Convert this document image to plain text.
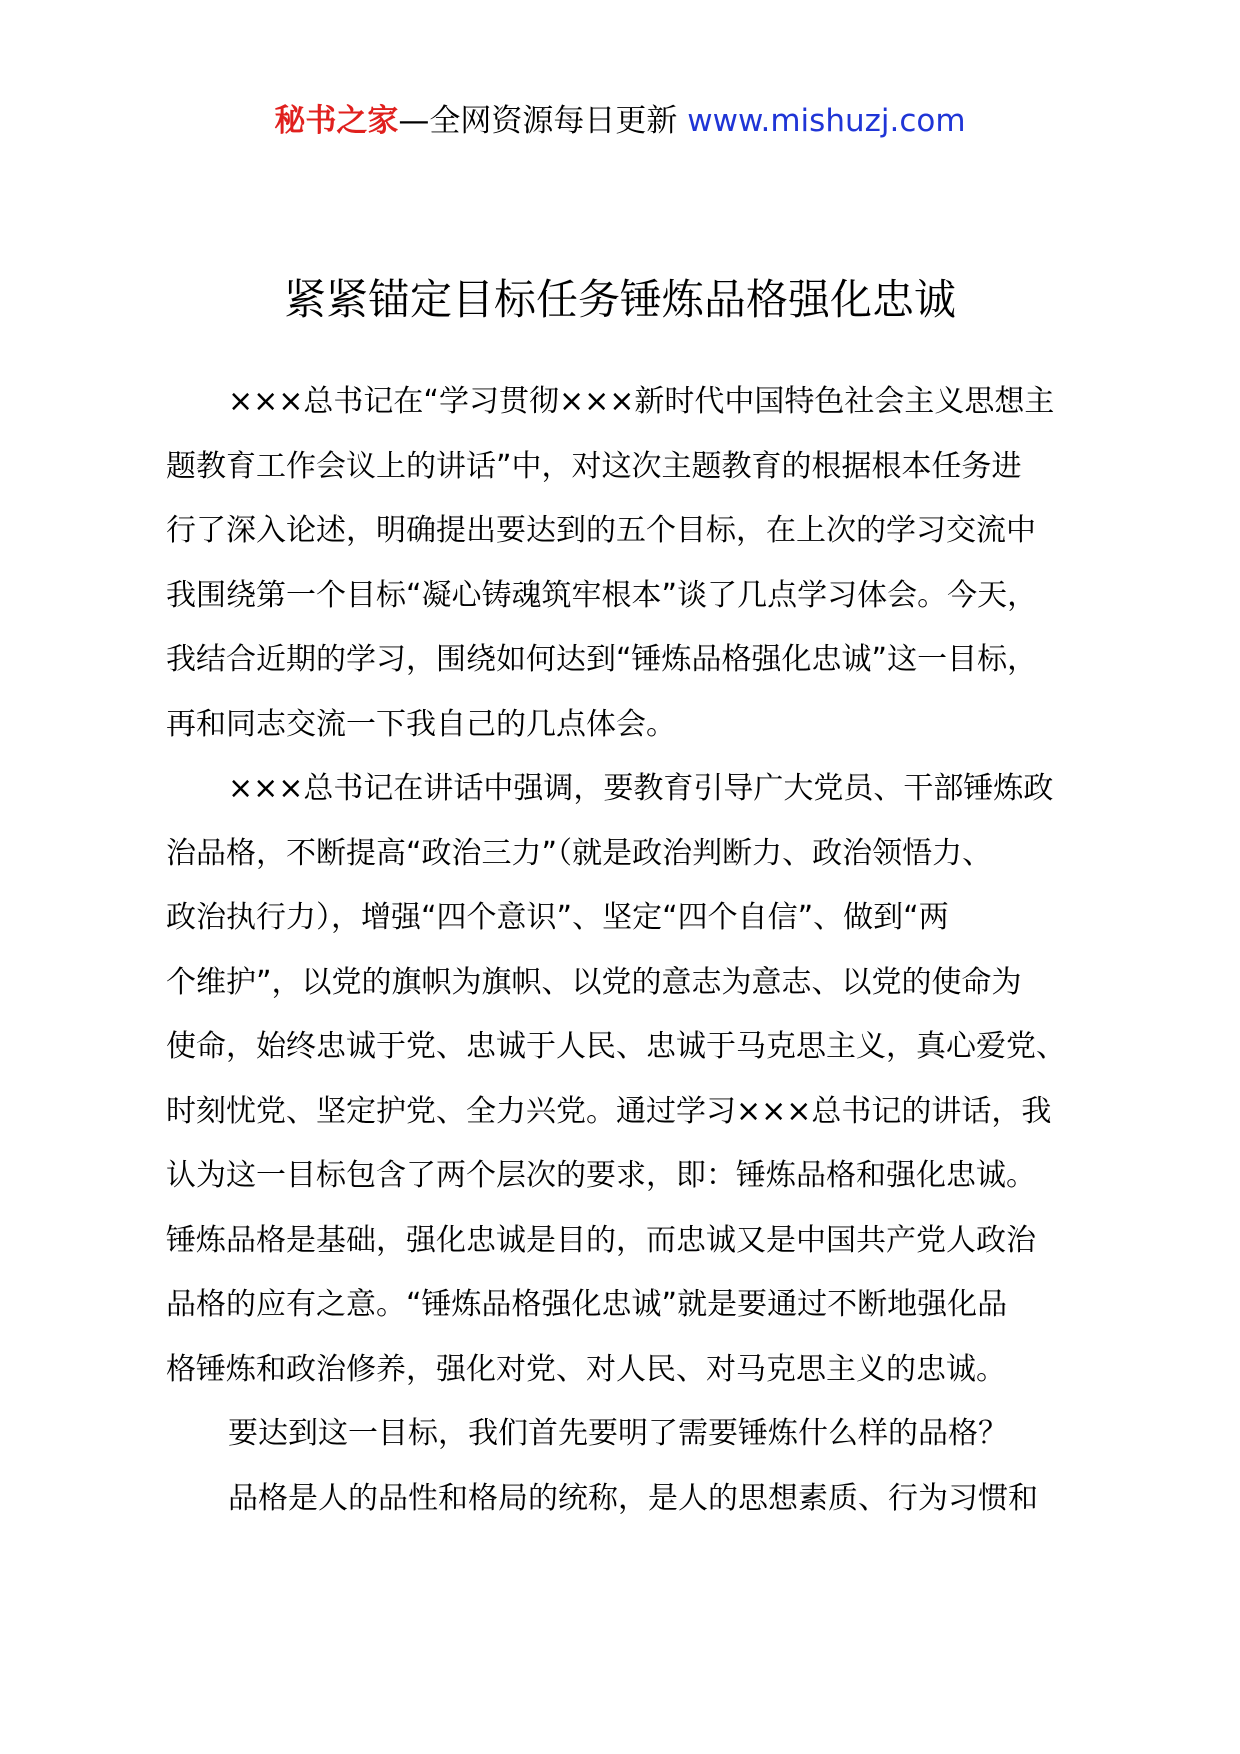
秘书之家—全网资源每日更新 www.mishuzj.com
紧紧锚定目标任务锤炼品格强化忠诚
×××总书记在“学习贯彻×××新时代中国特色社会主义思想主
题教育工作会议上的讲话”中，对这次主题教育的根据根本任务进
行了深入论述，明确提出要达到的五个目标，在上次的学习交流中
我围绕第一个目标“凝心铸魂筑牢根本”谈了几点学习体会。今天，
我结合近期的学习，围绕如何达到“锤炼品格强化忠诚”这一目标，
再和同志交流一下我自己的几点体会。
×××总书记在讲话中强调，要教育引导广大党员、干部锤炼政
治品格，不断提高“政治三力”（就是政治判断力、政治领悟力、
政治执行力），增强“四个意识”、坚定“四个自信”、做到“两
个维护”，以党的旗帜为旗帜、以党的意志为意志、以党的使命为
使命，始终忠诚于党、忠诚于人民、忠诚于马克思主义，真心爱党、
时刻忧党、坚定护党、全力兴党。通过学习×××总书记的讲话，我
认为这一目标包含了两个层次的要求，即：锤炼品格和强化忠诚。
锤炼品格是基础，强化忠诚是目的，而忠诚又是中国共产党人政治
品格的应有之意。“锤炼品格强化忠诚”就是要通过不断地强化品
格锤炼和政治修养，强化对党、对人民、对马克思主义的忠诚。
要达到这一目标，我们首先要明了需要锤炼什么样的品格？
品格是人的品性和格局的统称，是人的思想素质、行为习惯和
